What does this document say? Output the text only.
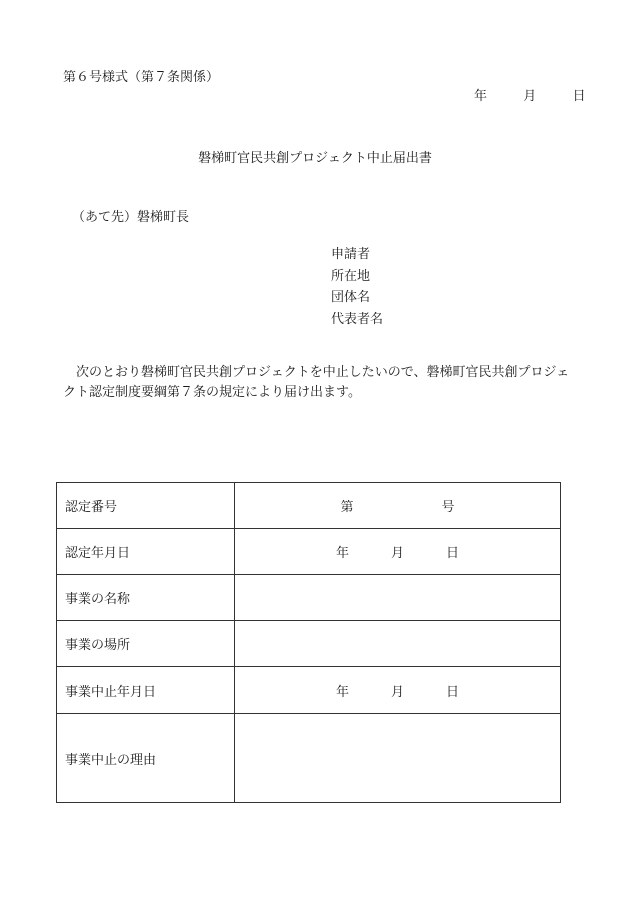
第６号様式（第７条関係）
年	月	日
磐梯町官民共創プロジェクト中止届出書
（あて先）磐梯町長
申請者
所在地
団体名
代表者名
次のとおり磐梯町官民共創プロジェクトを中止したいので、磐梯町官民共創プロジェクト認定制度要綱第７条の規定により届け出ます。
認定番号	第 号

認定年月日	年 月 日

事業の名称	
事業の場所	
事業中止年月日	年 月 日

事業中止の理由	
